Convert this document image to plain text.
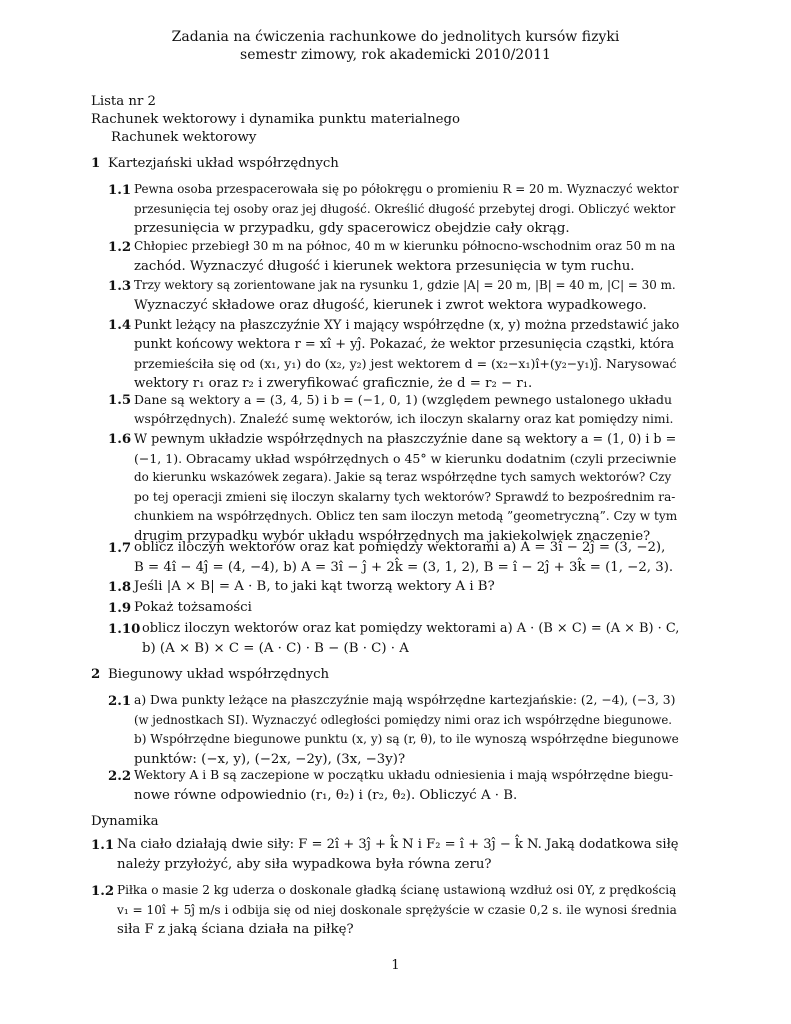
Zadania na ćwiczenia rachunkowe do jednolitych kursów fizyki
semestr zimowy, rok akademicki 2010/2011
Lista nr 2
Rachunek wektorowy i dynamika punktu materialnego
Rachunek wektorowy
1 Kartezjański układ współrzędnych
1.1 Pewna osoba przespacerowała się po półokręgu o promieniu R = 20 m. Wyznaczyć wektor
przesunięcia tej osoby oraz jej długość. Określić długość przebytej drogi. Obliczyć wektor
przesunięcia w przypadku, gdy spacerowicz obejdzie cały okrąg.
1.2 Chłopiec przebiegł 30 m na północ, 40 m w kierunku północno-wschodnim oraz 50 m na
zachód. Wyznaczyć długość i kierunek wektora przesunięcia w tym ruchu.
1.3 Trzy wektory są zorientowane jak na rysunku 1, gdzie |A| = 20 m, |B| = 40 m, |C| = 30 m.
Wyznaczyć składowe oraz długość, kierunek i zwrot wektora wypadkowego.
1.4 Punkt leżący na płaszczyźnie XY i mający współrzędne (x, y) można przedstawić jako
punkt końcowy wektora r = xî + yĵ. Pokazać, że wektor przesunięcia cząstki, która
przemieściła się od (x₁, y₁) do (x₂, y₂) jest wektorem d = (x₂−x₁)î+(y₂−y₁)ĵ. Narysować
wektory r₁ oraz r₂ i zweryfikować graficznie, że d = r₂ − r₁.
1.5 Dane są wektory a = (3, 4, 5) i b = (−1, 0, 1) (względem pewnego ustalonego układu
współrzędnych). Znaleźć sumę wektorów, ich iloczyn skalarny oraz kat pomiędzy nimi.
1.6 W pewnym układzie współrzędnych na płaszczyźnie dane są wektory a = (1, 0) i b =
(−1, 1). Obracamy układ współrzędnych o 45° w kierunku dodatnim (czyli przeciwnie
do kierunku wskazówek zegara). Jakie są teraz współrzędne tych samych wektorów? Czy
po tej operacji zmieni się iloczyn skalarny tych wektorów? Sprawdź to bezpośrednim ra-
chunkiem na współrzędnych. Oblicz ten sam iloczyn metodą ”geometryczną”. Czy w tym
drugim przypadku wybór układu współrzędnych ma jakiekolwiek znaczenie?
1.7 oblicz iloczyn wektorów oraz kat pomiędzy wektorami a) A = 3î − 2ĵ = (3, −2),
B = 4î − 4ĵ = (4, −4), b) A = 3î − ĵ + 2k̂ = (3, 1, 2), B = î − 2ĵ + 3k̂ = (1, −2, 3).
1.8 Jeśli |A × B| = A · B, to jaki kąt tworzą wektory A i B?
1.9 Pokaż tożsamości
1.10 oblicz iloczyn wektorów oraz kat pomiędzy wektorami a) A · (B × C) = (A × B) · C,
b) (A × B) × C = (A · C) · B − (B · C) · A
2 Biegunowy układ współrzędnych
2.1 a) Dwa punkty leżące na płaszczyźnie mają współrzędne kartezjańskie: (2, −4), (−3, 3)
(w jednostkach SI). Wyznaczyć odległości pomiędzy nimi oraz ich współrzędne biegunowe.
b) Współrzędne biegunowe punktu (x, y) są (r, θ), to ile wynoszą współrzędne biegunowe
punktów: (−x, y), (−2x, −2y), (3x, −3y)?
2.2 Wektory A i B są zaczepione w początku układu odniesienia i mają współrzędne biegu-
nowe równe odpowiednio (r₁, θ₂) i (r₂, θ₂). Obliczyć A · B.
Dynamika
1.1 Na ciało działają dwie siły: F = 2î + 3ĵ + k̂ N i F₂ = î + 3ĵ − k̂ N. Jaką dodatkowa siłę
należy przyłożyć, aby siła wypadkowa była równa zeru?
1.2 Piłka o masie 2 kg uderza o doskonale gładką ścianę ustawioną wzdłuż osi 0Y, z prędkością
v₁ = 10î + 5ĵ m/s i odbija się od niej doskonale sprężyście w czasie 0,2 s. ile wynosi średnia
siła F z jaką ściana działa na piłkę?
1
